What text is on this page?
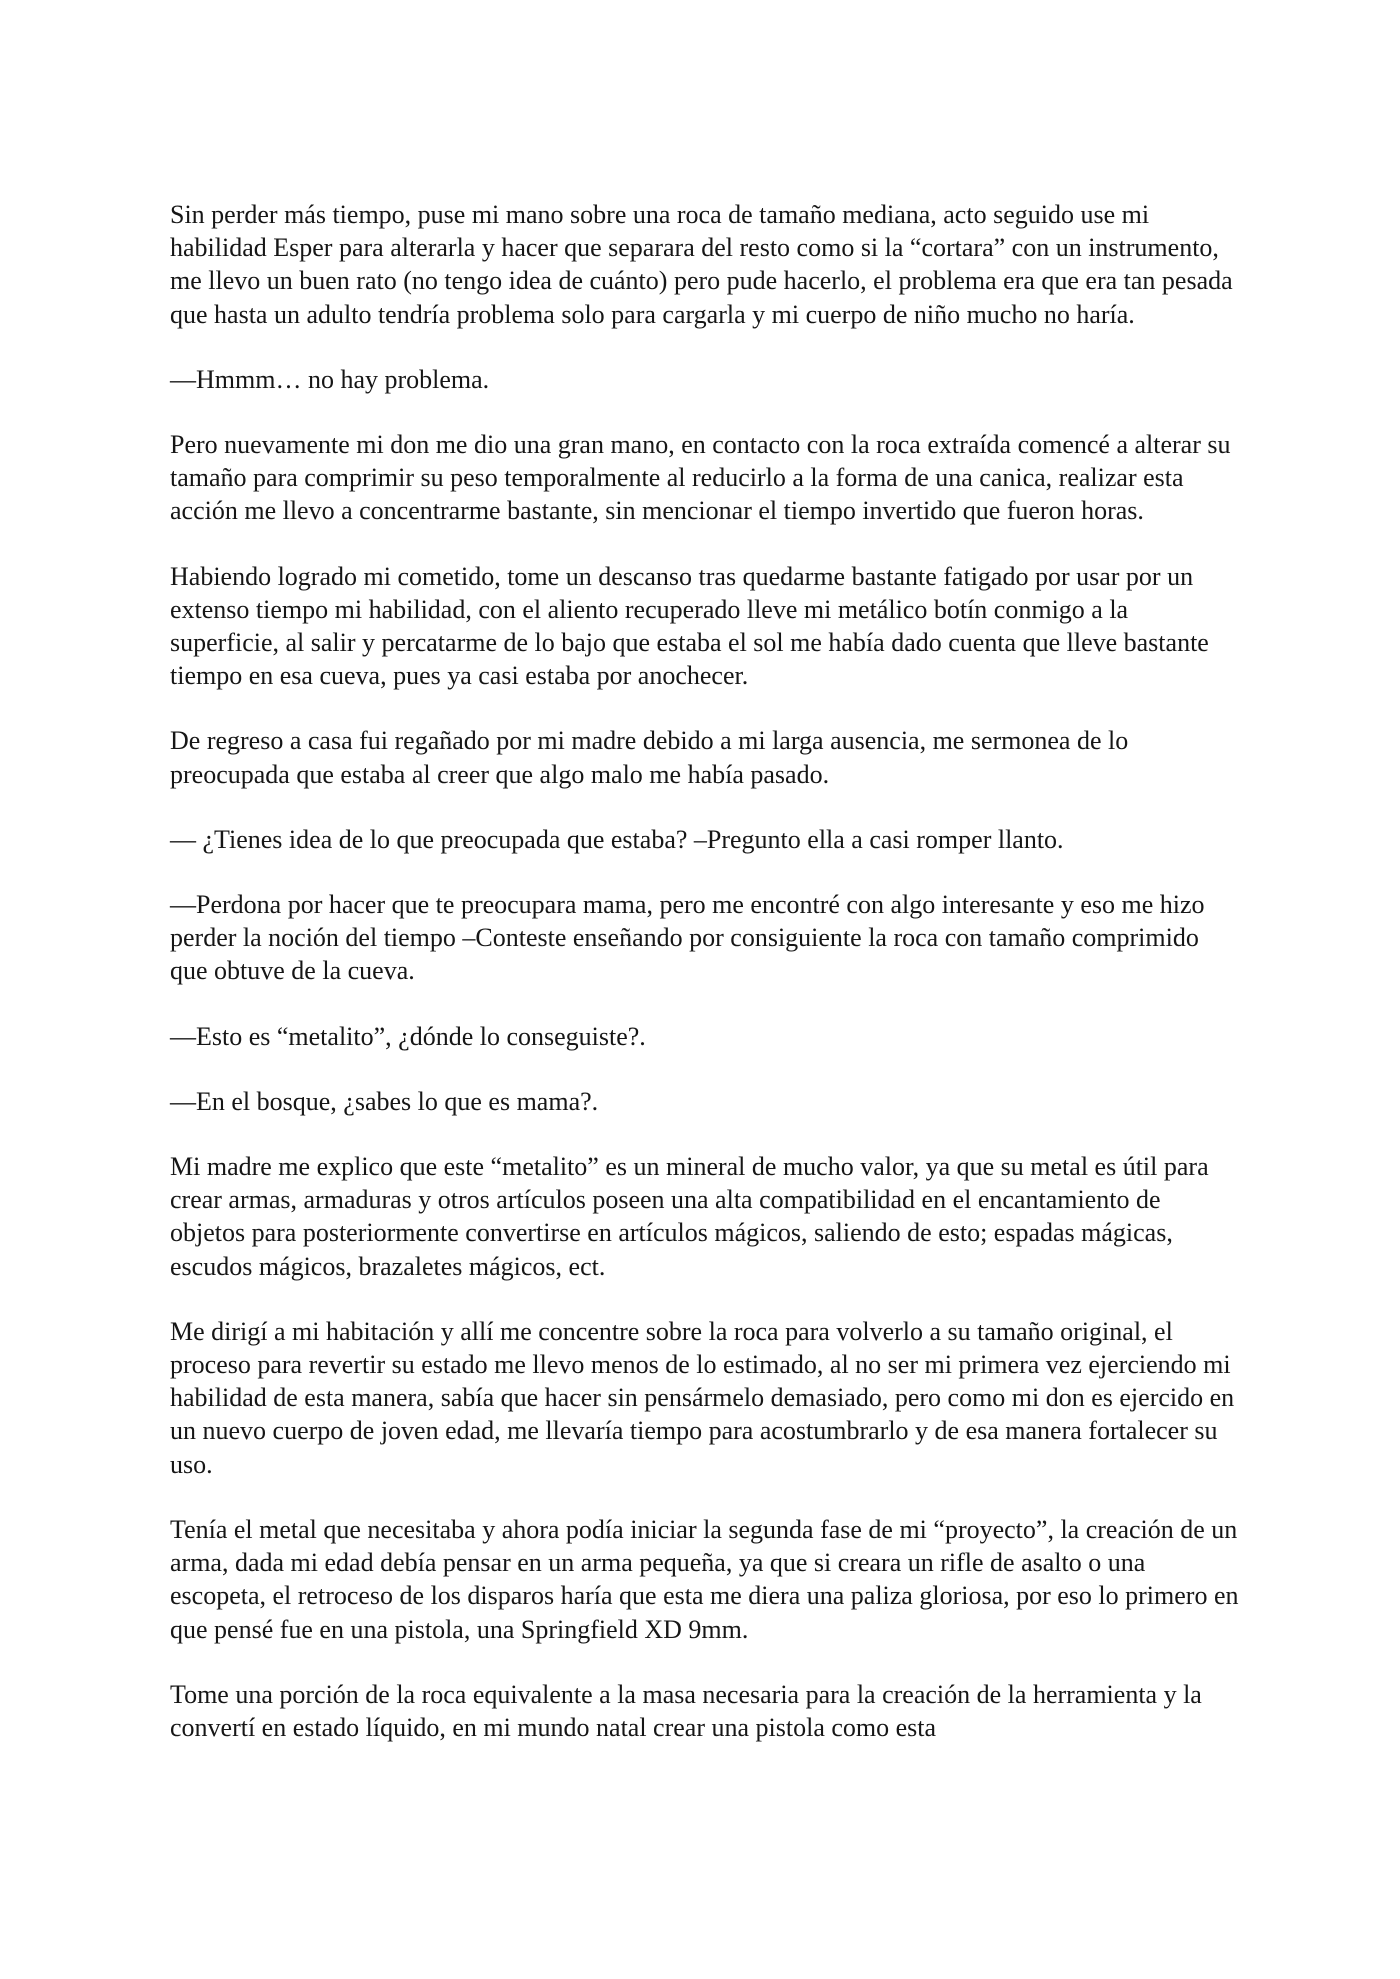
Sin perder más tiempo, puse mi mano sobre una roca de tamaño mediana, acto seguido use mi habilidad Esper para alterarla y hacer que separara del resto como si la “cortara” con un instrumento, me llevo un buen rato (no tengo idea de cuánto) pero pude hacerlo, el problema era que era tan pesada que hasta un adulto tendría problema solo para cargarla y mi cuerpo de niño mucho no haría.

—Hmmm… no hay problema.

Pero nuevamente mi don me dio una gran mano, en contacto con la roca extraída comencé a alterar su tamaño para comprimir su peso temporalmente al reducirlo a la forma de una canica, realizar esta acción me llevo a concentrarme bastante, sin mencionar el tiempo invertido que fueron horas.

Habiendo logrado mi cometido, tome un descanso tras quedarme bastante fatigado por usar por un extenso tiempo mi habilidad, con el aliento recuperado lleve mi metálico botín conmigo a la superficie, al salir y percatarme de lo bajo que estaba el sol me había dado cuenta que lleve bastante tiempo en esa cueva, pues ya casi estaba por anochecer.

De regreso a casa fui regañado por mi madre debido a mi larga ausencia, me sermonea de lo preocupada que estaba al creer que algo malo me había pasado.

— ¿Tienes idea de lo que preocupada que estaba? –Pregunto ella a casi romper llanto.

—Perdona por hacer que te preocupara mama, pero me encontré con algo interesante y eso me hizo perder la noción del tiempo –Conteste enseñando por consiguiente la roca con tamaño comprimido que obtuve de la cueva.

—Esto es “metalito”, ¿dónde lo conseguiste?.

—En el bosque, ¿sabes lo que es mama?.

Mi madre me explico que este “metalito” es un mineral de mucho valor, ya que su metal es útil para crear armas, armaduras y otros artículos poseen una alta compatibilidad en el encantamiento de objetos para posteriormente convertirse en artículos mágicos, saliendo de esto; espadas mágicas, escudos mágicos, brazaletes mágicos, ect.

Me dirigí a mi habitación y allí me concentre sobre la roca para volverlo a su tamaño original, el proceso para revertir su estado me llevo menos de lo estimado, al no ser mi primera vez ejerciendo mi habilidad de esta manera, sabía que hacer sin pensármelo demasiado, pero como mi don es ejercido en un nuevo cuerpo de joven edad, me llevaría tiempo para acostumbrarlo y de esa manera fortalecer su uso.

Tenía el metal que necesitaba y ahora podía iniciar la segunda fase de mi “proyecto”, la creación de un arma, dada mi edad debía pensar en un arma pequeña, ya que si creara un rifle de asalto o una escopeta, el retroceso de los disparos haría que esta me diera una paliza gloriosa, por eso lo primero en que pensé fue en una pistola, una Springfield XD 9mm.

Tome una porción de la roca equivalente a la masa necesaria para la creación de la herramienta y la convertí en estado líquido, en mi mundo natal crear una pistola como esta
